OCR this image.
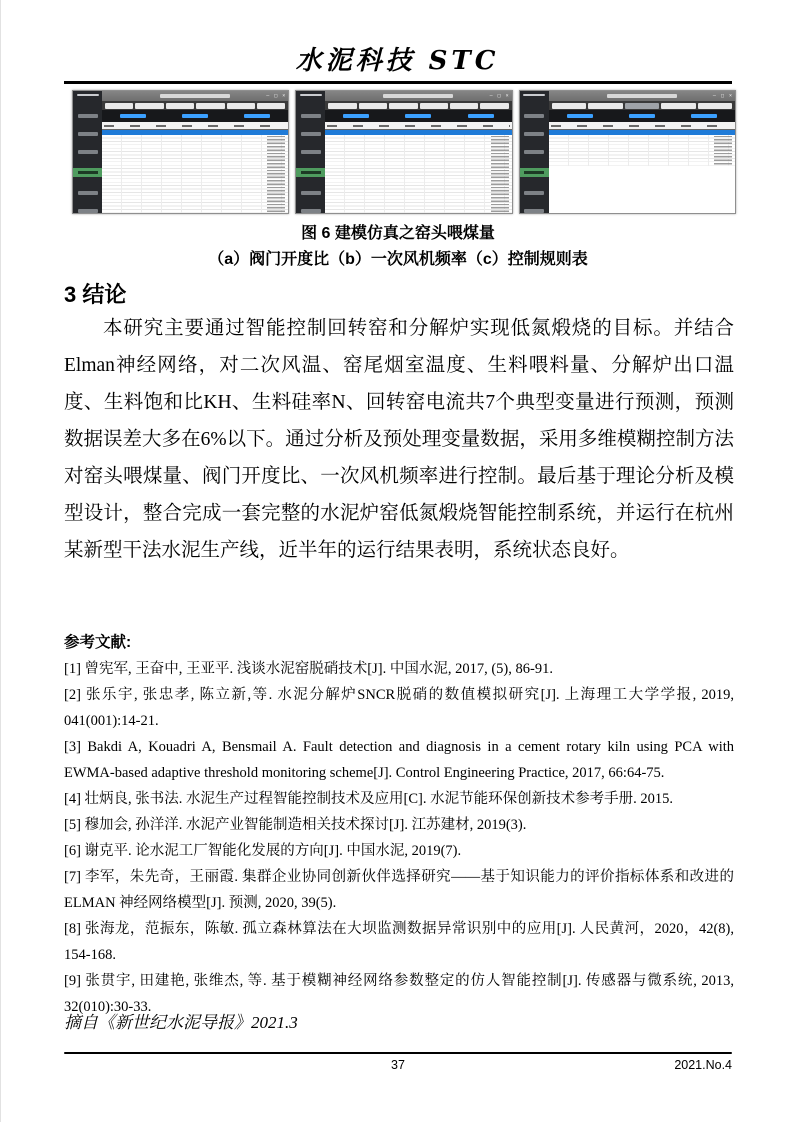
水泥科技 STC
– □ ×	– □ ×	– □ ×
图 6 建模仿真之窑头喂煤量
（a）阀门开度比（b）一次风机频率（c）控制规则表
3 结论

本研究主要通过智能控制回转窑和分解炉实现低氮煅烧的目标。并结合Elman神经网络，对二次风温、窑尾烟室温度、生料喂料量、分解炉出口温度、生料饱和比KH、生料硅率N、回转窑电流共7个典型变量进行预测，预测数据误差大多在6%以下。通过分析及预处理变量数据，采用多维模糊控制方法对窑头喂煤量、阀门开度比、一次风机频率进行控制。最后基于理论分析及模型设计，整合完成一套完整的水泥炉窑低氮煅烧智能控制系统，并运行在杭州某新型干法水泥生产线，近半年的运行结果表明，系统状态良好。

参考文献:

[1] 曾宪军, 王奋中, 王亚平. 浅谈水泥窑脱硝技术[J]. 中国水泥, 2017, (5), 86-91.

[2] 张乐宇, 张忠孝, 陈立新,等. 水泥分解炉SNCR脱硝的数值模拟研究[J]. 上海理工大学学报, 2019, 041(001):14-21.

[3] Bakdi A, Kouadri A, Bensmail A. Fault detection and diagnosis in a cement rotary kiln using PCA with EWMA-based adaptive threshold monitoring scheme[J]. Control Engineering Practice, 2017, 66:64-75.

[4] 壮炳良, 张书法. 水泥生产过程智能控制技术及应用[C]. 水泥节能环保创新技术参考手册. 2015.

[5] 穆加会, 孙洋洋. 水泥产业智能制造相关技术探讨[J]. 江苏建材, 2019(3).

[6] 谢克平. 论水泥工厂智能化发展的方向[J]. 中国水泥, 2019(7).

[7] 李军，朱先奇，王丽霞. 集群企业协同创新伙伴选择研究——基于知识能力的评价指标体系和改进的ELMAN 神经网络模型[J]. 预测, 2020, 39(5).

[8] 张海龙，范振东，陈敏. 孤立森林算法在大坝监测数据异常识别中的应用[J]. 人民黄河，2020，42(8), 154-168.

[9] 张贯宇, 田建艳, 张维杰, 等. 基于模糊神经网络参数整定的仿人智能控制[J]. 传感器与微系统, 2013, 32(010):30-33.

摘自《新世纪水泥导报》2021.3
37	2021.No.4
